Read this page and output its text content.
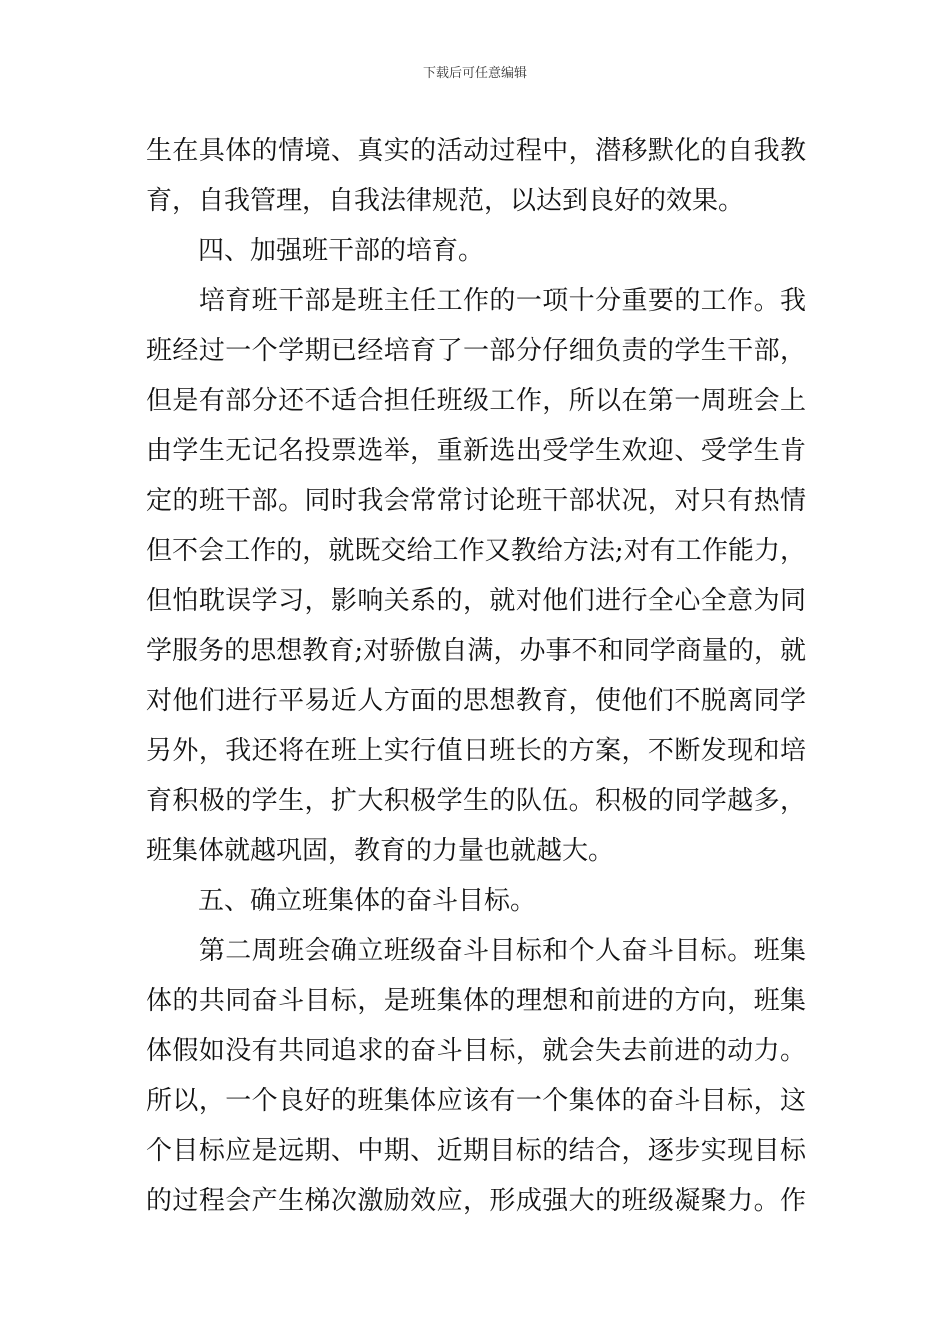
下载后可任意编辑
生在具体的情境、真实的活动过程中，潜移默化的自我教
育，自我管理，自我法律规范，以达到良好的效果。
　　四、加强班干部的培育。
　　培育班干部是班主任工作的一项十分重要的工作。我
班经过一个学期已经培育了一部分仔细负责的学生干部，
但是有部分还不适合担任班级工作，所以在第一周班会上
由学生无记名投票选举，重新选出受学生欢迎、受学生肯
定的班干部。同时我会常常讨论班干部状况，对只有热情
但不会工作的，就既交给工作又教给方法;对有工作能力，
但怕耽误学习，影响关系的，就对他们进行全心全意为同
学服务的思想教育;对骄傲自满，办事不和同学商量的，就
对他们进行平易近人方面的思想教育，使他们不脱离同学
另外，我还将在班上实行值日班长的方案，不断发现和培
育积极的学生，扩大积极学生的队伍。积极的同学越多，
班集体就越巩固，教育的力量也就越大。
　　五、确立班集体的奋斗目标。
　　第二周班会确立班级奋斗目标和个人奋斗目标。班集
体的共同奋斗目标，是班集体的理想和前进的方向，班集
体假如没有共同追求的奋斗目标，就会失去前进的动力。
所以，一个良好的班集体应该有一个集体的奋斗目标，这
个目标应是远期、中期、近期目标的结合，逐步实现目标
的过程会产生梯次激励效应，形成强大的班级凝聚力。作
